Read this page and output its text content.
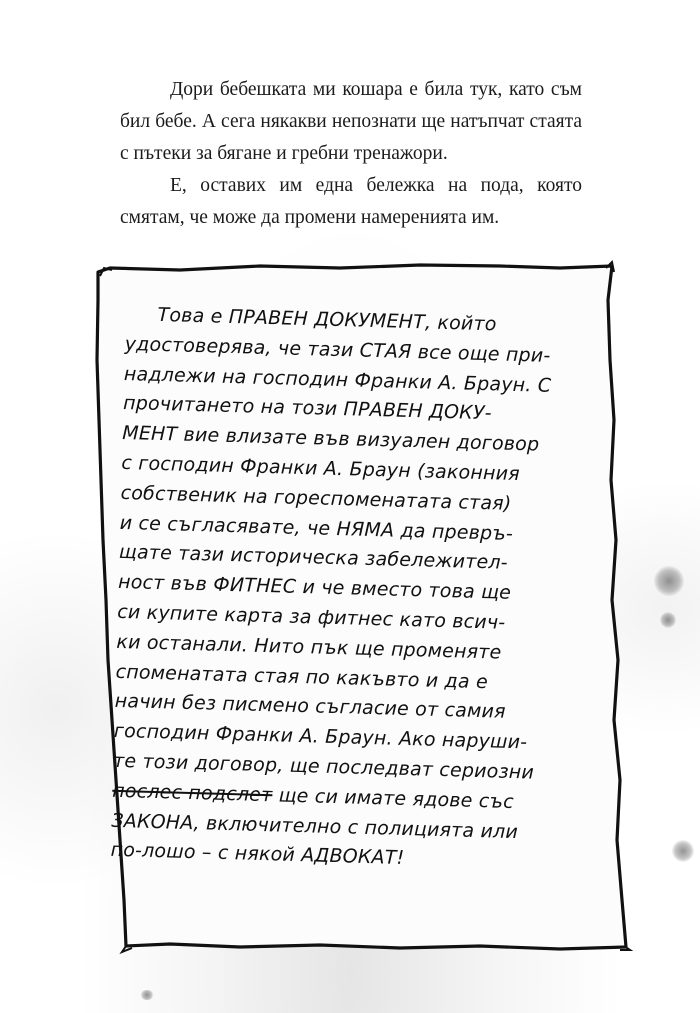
Дори бебешката ми кошара е била тук, като съм бил бебе. А сега някакви непознати ще натъпчат стаята с пътеки за бягане и гребни тренажори.

Е, оставих им една бележка на пода, която смятам, че може да промени намеренията им.

Това е ПРАВЕН ДОКУМЕНТ, който
удостоверява, че тази СТАЯ все още при-
надлежи на господин Франки А. Браун. С
прочитането на този ПРАВЕН ДОКУ-
МЕНТ вие влизате във визуален договор
с господин Франки А. Браун (законния
собственик на гореспоменатата стая)
и се съгласявате, че НЯМА да превръ-
щате тази историческа забележител-
ност във ФИТНЕС и че вместо това ще
си купите карта за фитнес като всич-
ки останали. Нито пък ще променяте
споменатата стая по какъвто и да е
начин без писмено съгласие от самия
господин Франки А. Браун. Ако наруши-
те този договор, ще последват сериозни
послес подслет ще си имате ядове със
ЗАКОНА, включително с полицията или
по-лошо – с някой АДВОКАТ!
